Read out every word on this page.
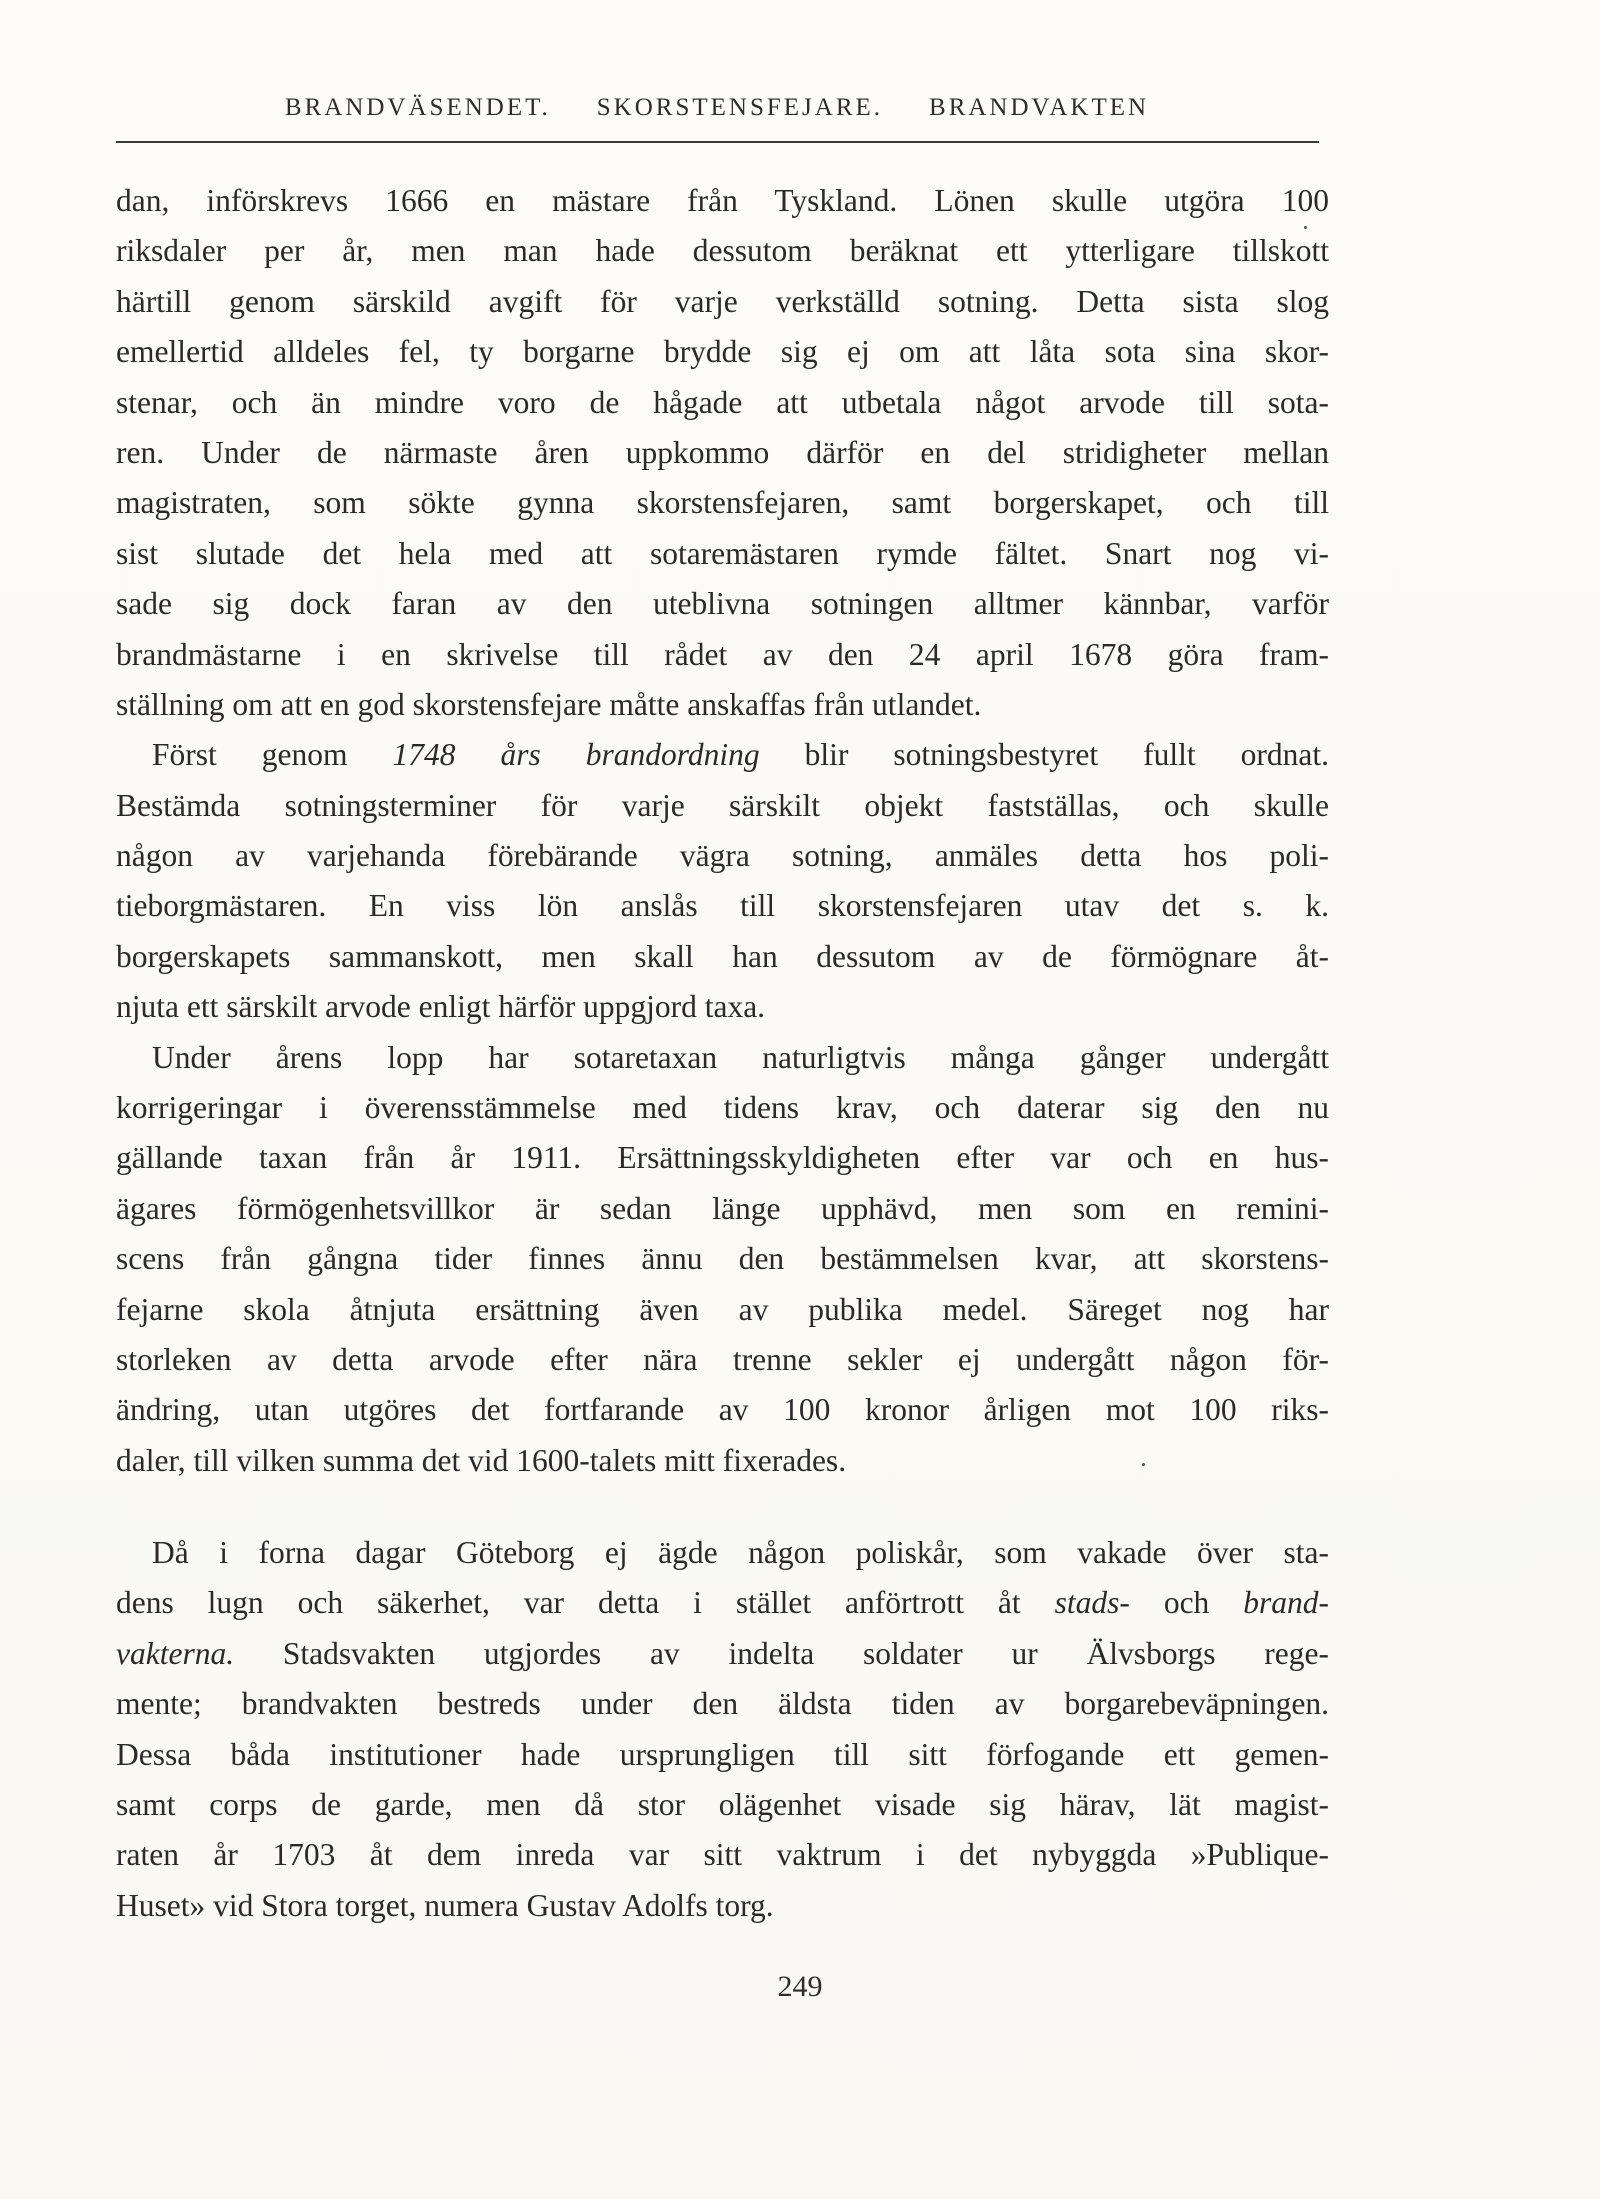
BRANDVÄSENDET. SKORSTENSFEJARE. BRANDVAKTEN
dan, införskrevs 1666 en mästare från Tyskland. Lönen skulle utgöra 100
riksdaler per år, men man hade dessutom beräknat ett ytterligare tillskott
härtill genom särskild avgift för varje verkställd sotning. Detta sista slog
emellertid alldeles fel, ty borgarne brydde sig ej om att låta sota sina skor-
stenar, och än mindre voro de hågade att utbetala något arvode till sota-
ren. Under de närmaste åren uppkommo därför en del stridigheter mellan
magistraten, som sökte gynna skorstensfejaren, samt borgerskapet, och till
sist slutade det hela med att sotaremästaren rymde fältet. Snart nog vi-
sade sig dock faran av den uteblivna sotningen alltmer kännbar, varför
brandmästarne i en skrivelse till rådet av den 24 april 1678 göra fram-
ställning om att en god skorstensfejare måtte anskaffas från utlandet.
Först genom 1748 års brandordning blir sotningsbestyret fullt ordnat.
Bestämda sotningsterminer för varje särskilt objekt fastställas, och skulle
någon av varjehanda förebärande vägra sotning, anmäles detta hos poli-
tieborgmästaren. En viss lön anslås till skorstensfejaren utav det s. k.
borgerskapets sammanskott, men skall han dessutom av de förmögnare åt-
njuta ett särskilt arvode enligt härför uppgjord taxa.
Under årens lopp har sotaretaxan naturligtvis många gånger undergått
korrigeringar i överensstämmelse med tidens krav, och daterar sig den nu
gällande taxan från år 1911. Ersättningsskyldigheten efter var och en hus-
ägares förmögenhetsvillkor är sedan länge upphävd, men som en remini-
scens från gångna tider finnes ännu den bestämmelsen kvar, att skorstens-
fejarne skola åtnjuta ersättning även av publika medel. Säreget nog har
storleken av detta arvode efter nära trenne sekler ej undergått någon för-
ändring, utan utgöres det fortfarande av 100 kronor årligen mot 100 riks-
daler, till vilken summa det vid 1600-talets mitt fixerades.
Då i forna dagar Göteborg ej ägde någon poliskår, som vakade över sta-
dens lugn och säkerhet, var detta i stället anförtrott åt stads- och brand-
vakterna. Stadsvakten utgjordes av indelta soldater ur Älvsborgs rege-
mente; brandvakten bestreds under den äldsta tiden av borgarebeväpningen.
Dessa båda institutioner hade ursprungligen till sitt förfogande ett gemen-
samt corps de garde, men då stor olägenhet visade sig härav, lät magist-
raten år 1703 åt dem inreda var sitt vaktrum i det nybyggda »Publique-
Huset» vid Stora torget, numera Gustav Adolfs torg.
249
